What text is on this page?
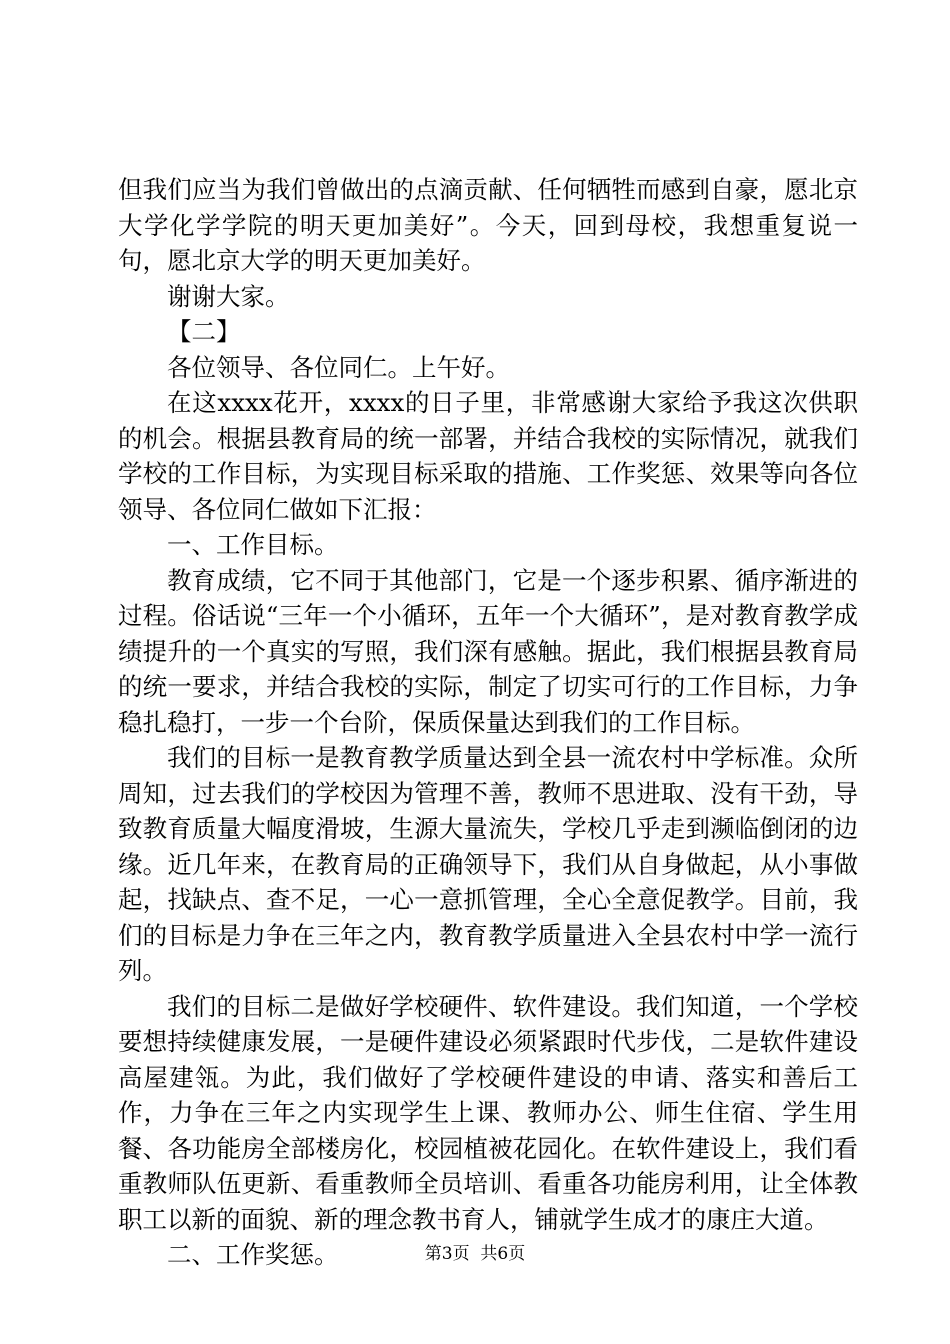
但我们应当为我们曾做出的点滴贡献、任何牺牲而感到自豪，愿北京大学化学学院的明天更加美好”。今天，回到母校，我想重复说一句，愿北京大学的明天更加美好。

谢谢大家。

【二】

各位领导、各位同仁。上午好。

在这xxxx花开，xxxx的日子里，非常感谢大家给予我这次供职的机会。根据县教育局的统一部署，并结合我校的实际情况，就我们学校的工作目标，为实现目标采取的措施、工作奖惩、效果等向各位领导、各位同仁做如下汇报：

一、工作目标。

教育成绩，它不同于其他部门，它是一个逐步积累、循序渐进的过程。俗话说“三年一个小循环，五年一个大循环”，是对教育教学成绩提升的一个真实的写照，我们深有感触。据此，我们根据县教育局的统一要求，并结合我校的实际，制定了切实可行的工作目标，力争稳扎稳打，一步一个台阶，保质保量达到我们的工作目标。

我们的目标一是教育教学质量达到全县一流农村中学标准。众所周知，过去我们的学校因为管理不善，教师不思进取、没有干劲，导致教育质量大幅度滑坡，生源大量流失，学校几乎走到濒临倒闭的边缘。近几年来，在教育局的正确领导下，我们从自身做起，从小事做起，找缺点、查不足，一心一意抓管理，全心全意促教学。目前，我们的目标是力争在三年之内，教育教学质量进入全县农村中学一流行列。

我们的目标二是做好学校硬件、软件建设。我们知道，一个学校要想持续健康发展，一是硬件建设必须紧跟时代步伐，二是软件建设高屋建瓴。为此，我们做好了学校硬件建设的申请、落实和善后工作，力争在三年之内实现学生上课、教师办公、师生住宿、学生用餐、各功能房全部楼房化，校园植被花园化。在软件建设上，我们看重教师队伍更新、看重教师全员培训、看重各功能房利用，让全体教职工以新的面貌、新的理念教书育人，铺就学生成才的康庄大道。

二、工作奖惩。	第3页  共6页
